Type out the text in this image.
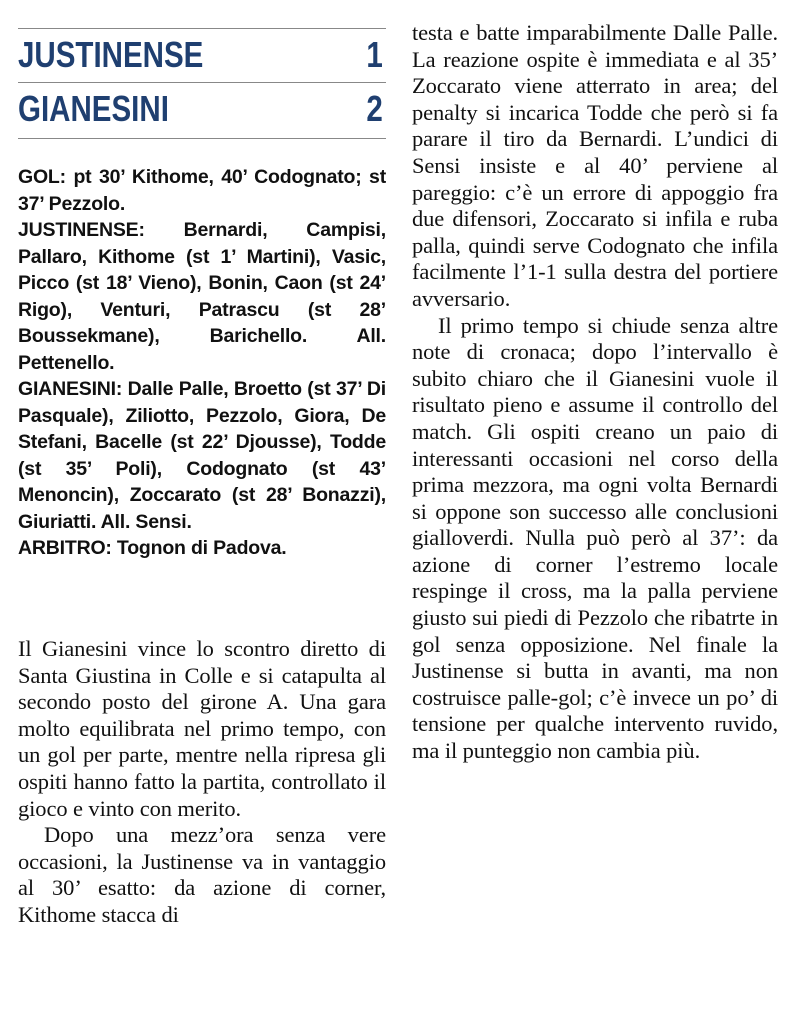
JUSTINENSE	1
GIANESINI	2

GOL: pt 30’ Kithome, 40’ Codognato; st 37’ Pezzolo.

JUSTINENSE: Bernardi, Campisi, Pallaro, Kithome (st 1’ Martini), Vasic, Picco (st 18’ Vieno), Bonin, Caon (st 24’ Rigo), Venturi, Patrascu (st 28’ Boussekmane), Barichello. All. Pettenello.

GIANESINI: Dalle Palle, Broetto (st 37’ Di Pasquale), Ziliotto, Pezzolo, Giora, De Stefani, Bacelle (st 22’ Djousse), Todde (st 35’ Poli), Codognato (st 43’ Menoncin), Zoccarato (st 28’ Bonazzi), Giuriatti. All. Sensi.

ARBITRO: Tognon di Padova.

Il Gianesini vince lo scontro diretto di Santa Giustina in Colle e si catapulta al secondo posto del girone A. Una gara molto equilibrata nel primo tempo, con un gol per parte, mentre nella ripresa gli ospiti hanno fatto la partita, controllato il gioco e vinto con merito.

Dopo una mezz’ora senza vere occasioni, la Justinense va in vantaggio al 30’ esatto: da azione di corner, Kithome stacca di

testa e batte imparabilmente Dalle Palle. La reazione ospite è immediata e al 35’ Zoccarato viene atterrato in area; del penalty si incarica Todde che però si fa parare il tiro da Bernardi. L’undici di Sensi insiste e al 40’ perviene al pareggio: c’è un errore di appoggio fra due difensori, Zoccarato si infila e ruba palla, quindi serve Codognato che infila facilmente l’1-1 sulla destra del portiere avversario.

Il primo tempo si chiude senza altre note di cronaca; dopo l’intervallo è subito chiaro che il Gianesini vuole il risultato pieno e assume il controllo del match. Gli ospiti creano un paio di interessanti occasioni nel corso della prima mezzora, ma ogni volta Bernardi si oppone son successo alle conclusioni gialloverdi. Nulla può però al 37’: da azione di corner l’estremo locale respinge il cross, ma la palla perviene giusto sui piedi di Pezzolo che ribatrte in gol senza opposizione. Nel finale la Justinense si butta in avanti, ma non costruisce palle-gol; c’è invece un po’ di tensione per qualche intervento ruvido, ma il punteggio non cambia più.
